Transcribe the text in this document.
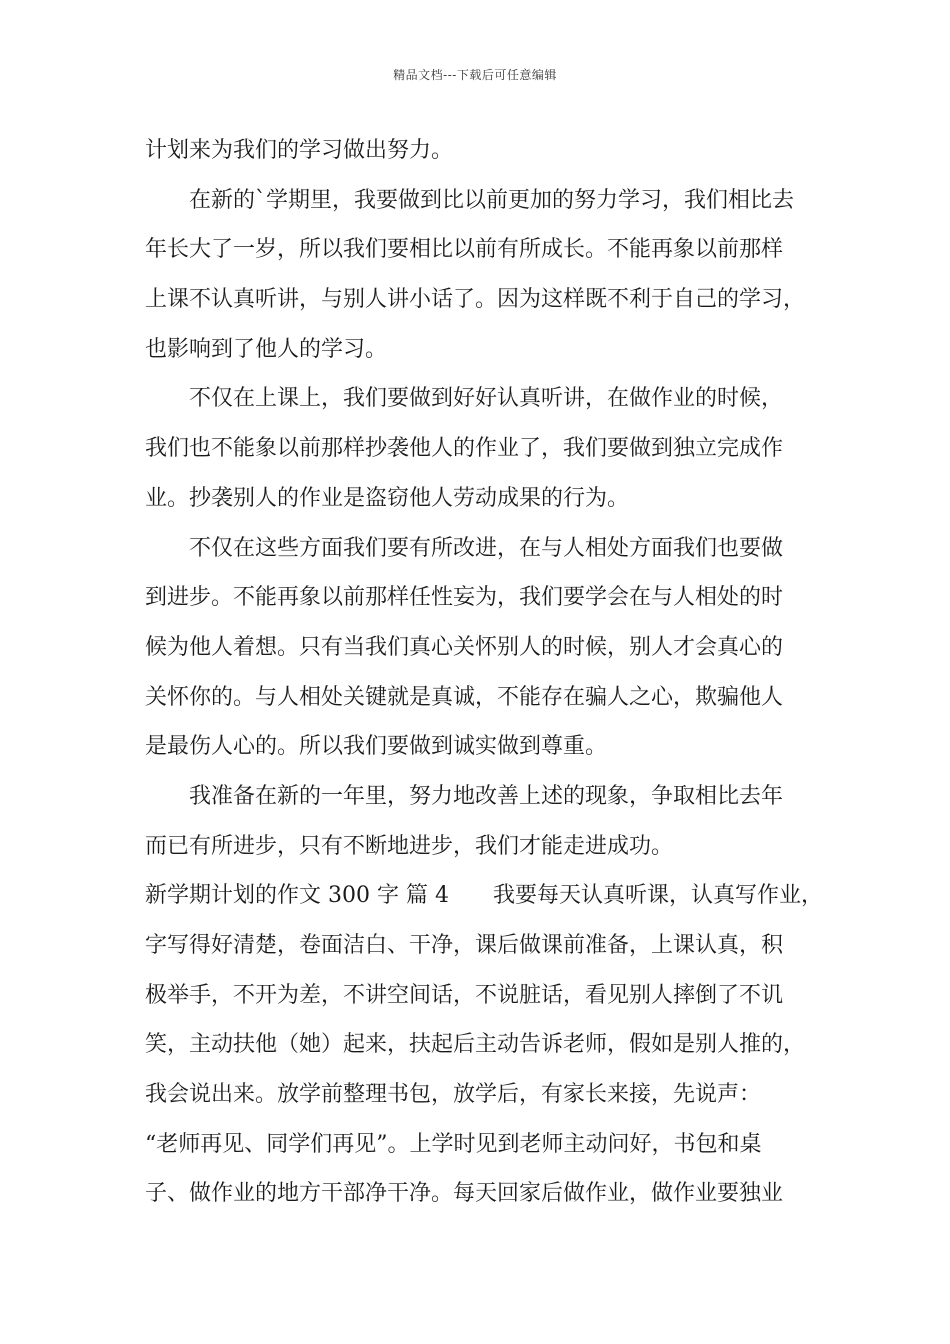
精品文档---下载后可任意编辑
计划来为我们的学习做出努力。
在新的`学期里，我要做到比以前更加的努力学习，我们相比去
年长大了一岁，所以我们要相比以前有所成长。不能再象以前那样
上课不认真听讲，与别人讲小话了。因为这样既不利于自己的学习，
也影响到了他人的学习。
不仅在上课上，我们要做到好好认真听讲，在做作业的时候，
我们也不能象以前那样抄袭他人的作业了，我们要做到独立完成作
业。抄袭别人的作业是盗窃他人劳动成果的行为。
不仅在这些方面我们要有所改进，在与人相处方面我们也要做
到进步。不能再象以前那样任性妄为，我们要学会在与人相处的时
候为他人着想。只有当我们真心关怀别人的时候，别人才会真心的
关怀你的。与人相处关键就是真诚，不能存在骗人之心，欺骗他人
是最伤人心的。所以我们要做到诚实做到尊重。
我准备在新的一年里，努力地改善上述的现象，争取相比去年
而已有所进步，只有不断地进步，我们才能走进成功。
新学期计划的作文 300 字 篇 4 我要每天认真听课，认真写作业，
字写得好清楚，卷面洁白、干净，课后做课前准备，上课认真，积
极举手，不开为差，不讲空间话，不说脏话，看见别人摔倒了不讥
笑，主动扶他（她）起来，扶起后主动告诉老师，假如是别人推的，
我会说出来。放学前整理书包，放学后，有家长来接，先说声：
“老师再见、同学们再见”。上学时见到老师主动问好，书包和桌
子、做作业的地方干部净干净。每天回家后做作业，做作业要独业
